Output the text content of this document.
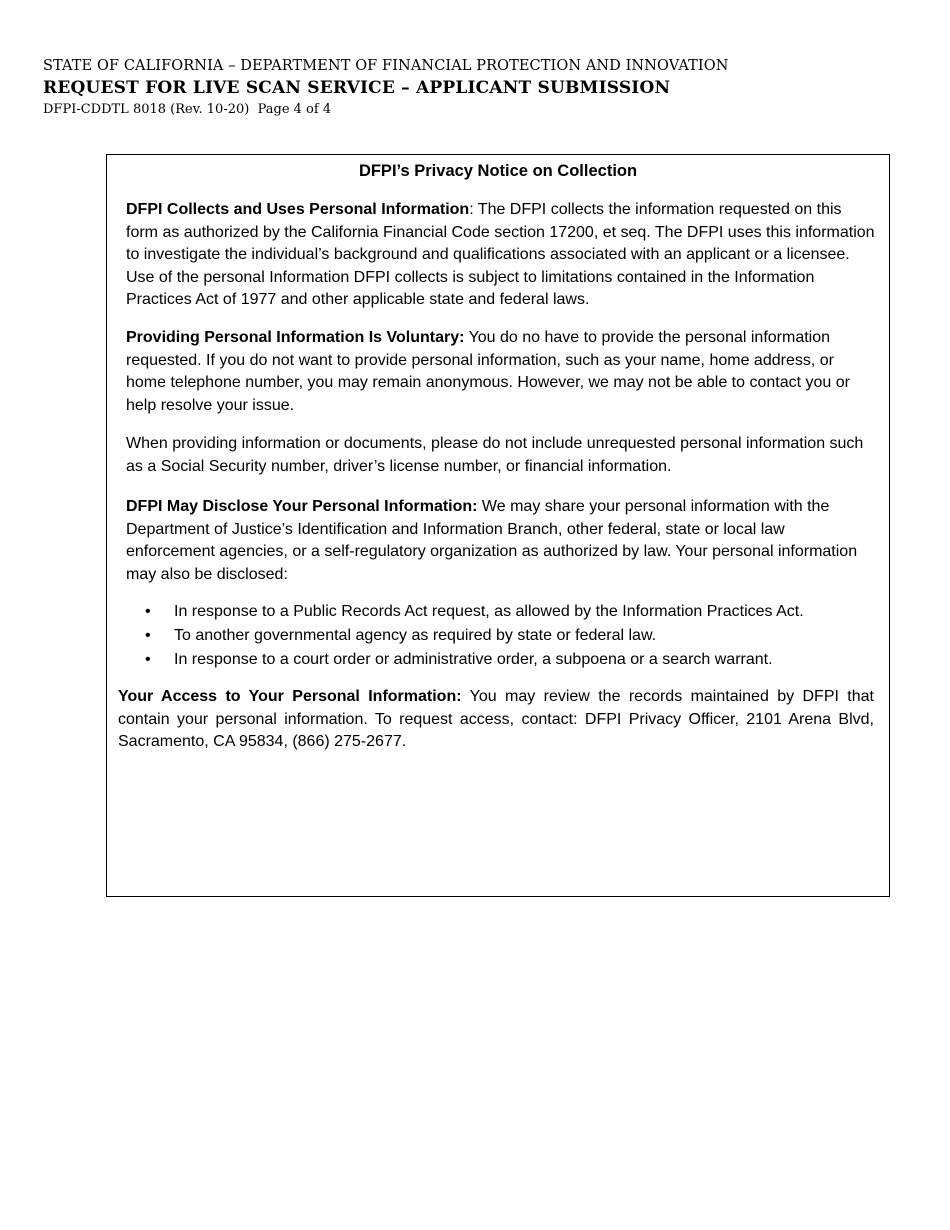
STATE OF CALIFORNIA – DEPARTMENT OF FINANCIAL PROTECTION AND INNOVATION
REQUEST FOR LIVE SCAN SERVICE – APPLICANT SUBMISSION
DFPI-CDDTL 8018 (Rev. 10-20)  Page 4 of 4
DFPI’s Privacy Notice on Collection

DFPI Collects and Uses Personal Information: The DFPI collects the information requested on this form as authorized by the California Financial Code section 17200, et seq. The DFPI uses this information to investigate the individual’s background and qualifications associated with an applicant or a licensee. Use of the personal Information DFPI collects is subject to limitations contained in the Information Practices Act of 1977 and other applicable state and federal laws.

Providing Personal Information Is Voluntary: You do no have to provide the personal information requested. If you do not want to provide personal information, such as your name, home address, or home telephone number, you may remain anonymous. However, we may not be able to contact you or help resolve your issue.

When providing information or documents, please do not include unrequested personal information such as a Social Security number, driver’s license number, or financial information.

DFPI May Disclose Your Personal Information: We may share your personal information with the Department of Justice’s Identification and Information Branch, other federal, state or local law enforcement agencies, or a self-regulatory organization as authorized by law. Your personal information may also be disclosed:

• In response to a Public Records Act request, as allowed by the Information Practices Act.
• To another governmental agency as required by state or federal law.
• In response to a court order or administrative order, a subpoena or a search warrant.

Your Access to Your Personal Information: You may review the records maintained by DFPI that contain your personal information. To request access, contact: DFPI Privacy Officer, 2101 Arena Blvd, Sacramento, CA 95834, (866) 275-2677.
